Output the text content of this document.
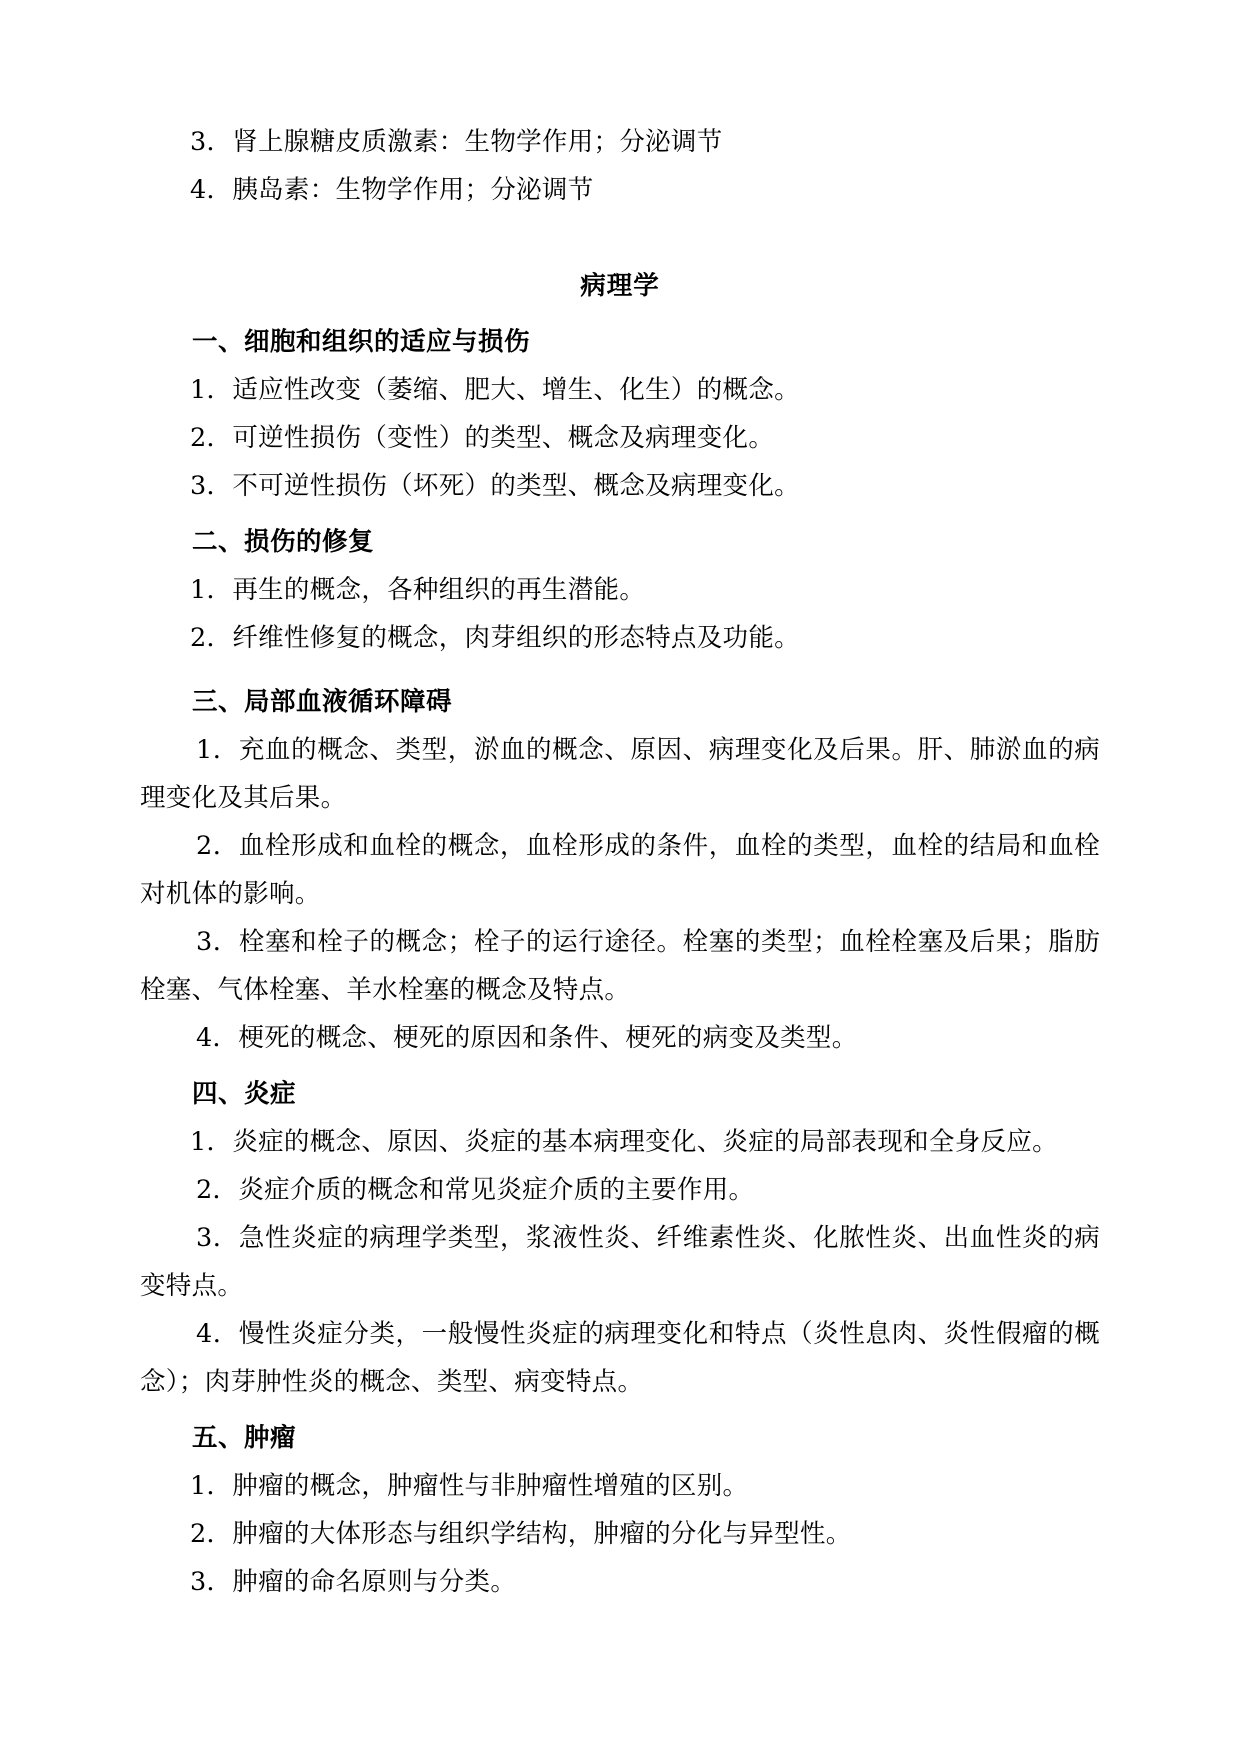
3．肾上腺糖皮质激素：生物学作用；分泌调节
4．胰岛素：生物学作用；分泌调节
病理学
一、细胞和组织的适应与损伤
1．适应性改变（萎缩、肥大、增生、化生）的概念。
2．可逆性损伤（变性）的类型、概念及病理变化。
3．不可逆性损伤（坏死）的类型、概念及病理变化。
二、损伤的修复
1．再生的概念，各种组织的再生潜能。
2．纤维性修复的概念，肉芽组织的形态特点及功能。
三、局部血液循环障碍
1．充血的概念、类型，淤血的概念、原因、病理变化及后果。肝、肺淤血的病理变化及其后果。
2．血栓形成和血栓的概念，血栓形成的条件，血栓的类型，血栓的结局和血栓对机体的影响。
3．栓塞和栓子的概念；栓子的运行途径。栓塞的类型；血栓栓塞及后果；脂肪栓塞、气体栓塞、羊水栓塞的概念及特点。
4．梗死的概念、梗死的原因和条件、梗死的病变及类型。
四、炎症
1．炎症的概念、原因、炎症的基本病理变化、炎症的局部表现和全身反应。
2．炎症介质的概念和常见炎症介质的主要作用。
3．急性炎症的病理学类型，浆液性炎、纤维素性炎、化脓性炎、出血性炎的病变特点。
4．慢性炎症分类，一般慢性炎症的病理变化和特点（炎性息肉、炎性假瘤的概念）；肉芽肿性炎的概念、类型、病变特点。
五、肿瘤
1．肿瘤的概念，肿瘤性与非肿瘤性增殖的区别。
2．肿瘤的大体形态与组织学结构，肿瘤的分化与异型性。
3．肿瘤的命名原则与分类。
